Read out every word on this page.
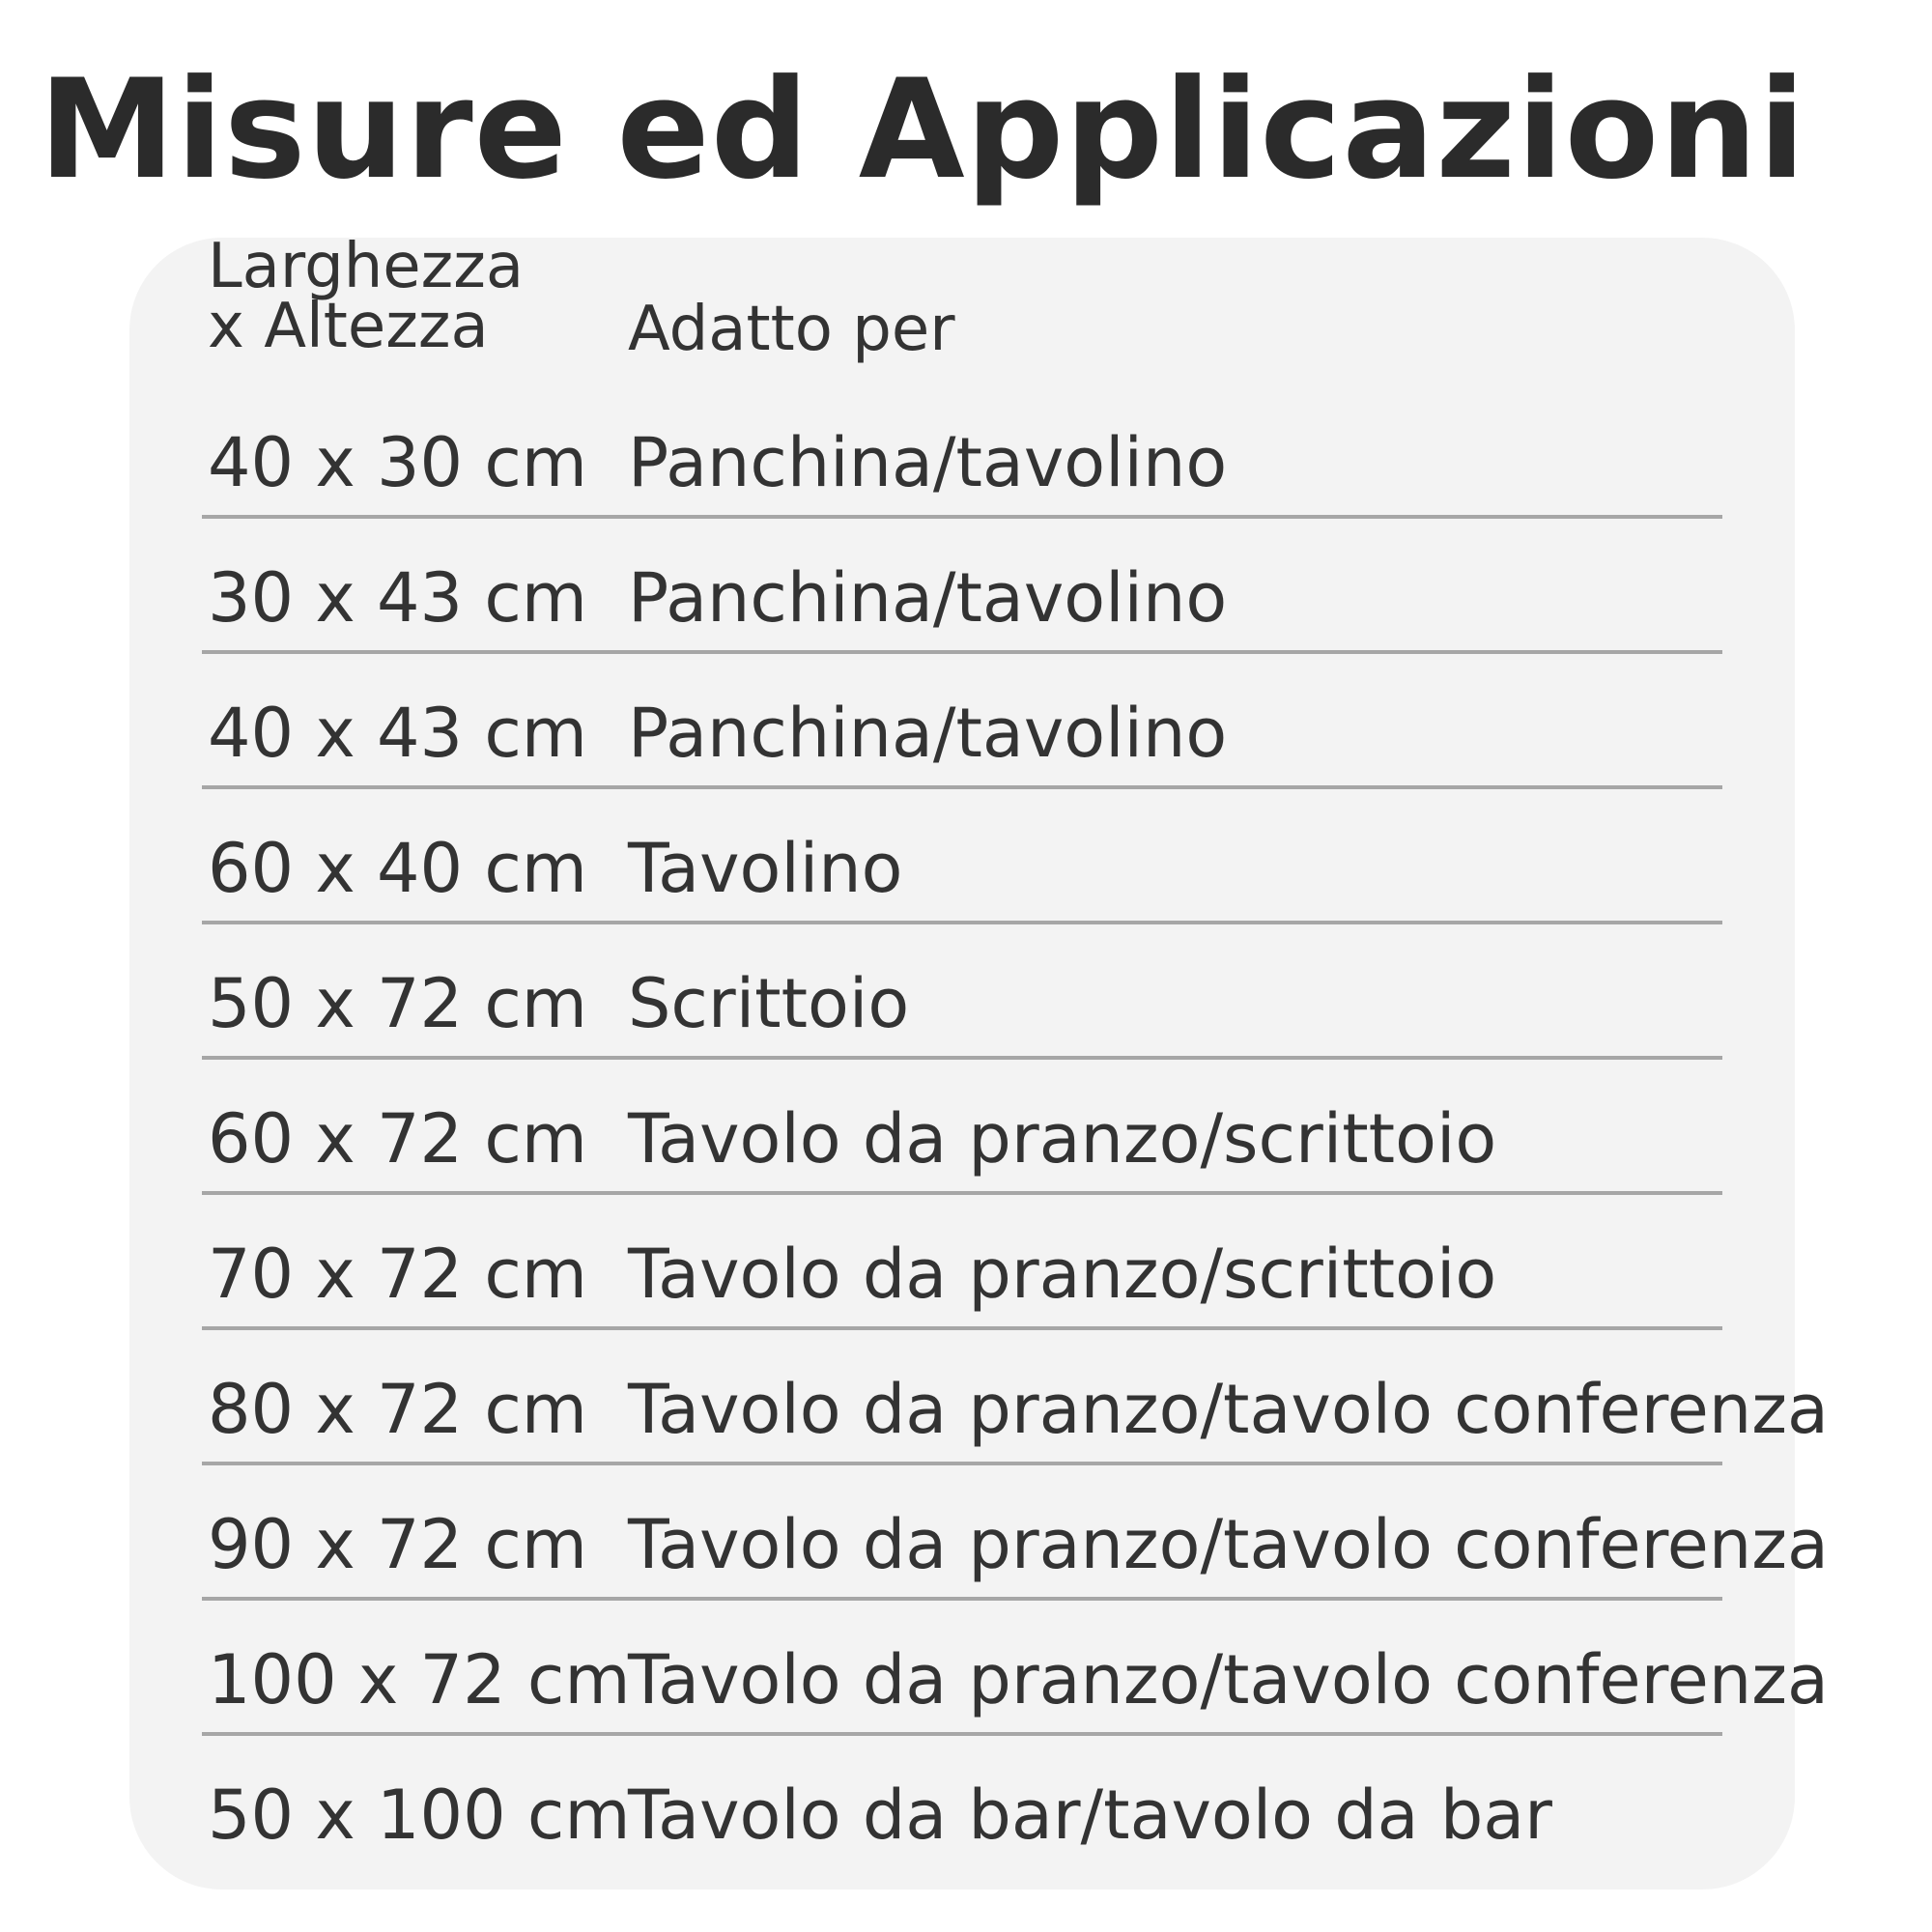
Misure ed Applicazioni
Larghezza
x Altezza	Adatto per
40 x 30 cm Panchina/tavolino
30 x 43 cm Panchina/tavolino
40 x 43 cm Panchina/tavolino
60 x 40 cm Tavolino
50 x 72 cm Scrittoio
60 x 72 cm Tavolo da pranzo/scrittoio
70 x 72 cm Tavolo da pranzo/scrittoio
80 x 72 cm Tavolo da pranzo/tavolo conferenza
90 x 72 cm Tavolo da pranzo/tavolo conferenza
100 x 72 cm
Tavolo da pranzo/tavolo conferenza
50 x 100 cm
Tavolo da bar/tavolo da bar
